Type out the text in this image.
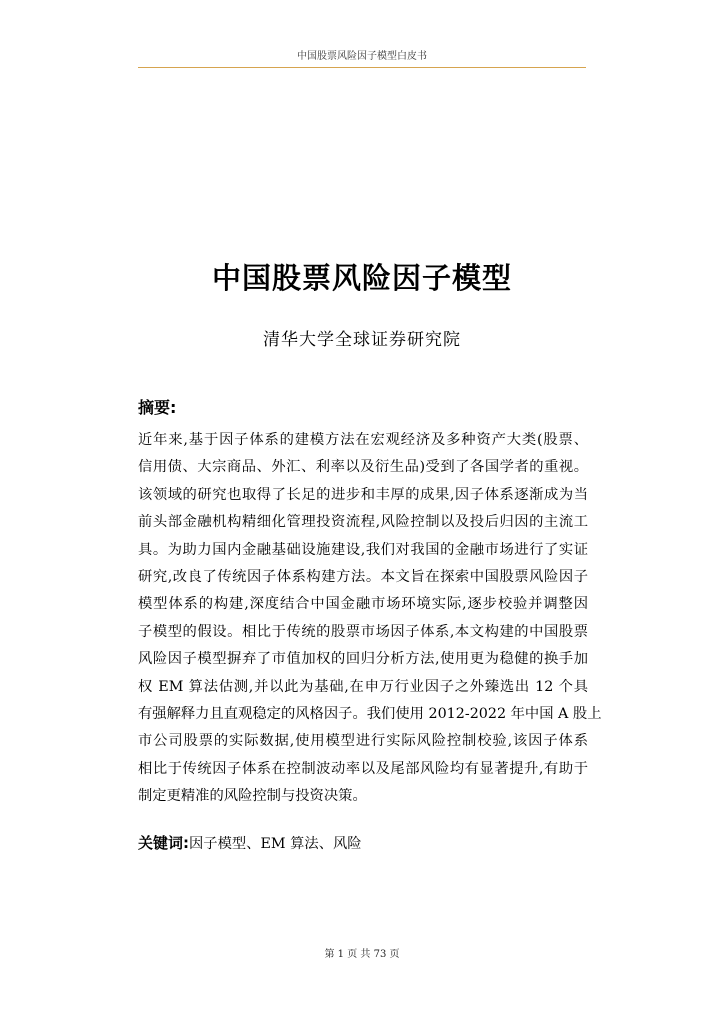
中国股票风险因子模型白皮书
中国股票风险因子模型
清华大学全球证券研究院
摘要:

近年来,基于因子体系的建模方法在宏观经济及多种资产大类(股票、
信用债、大宗商品、外汇、利率以及衍生品)受到了各国学者的重视。
该领域的研究也取得了长足的进步和丰厚的成果,因子体系逐渐成为当
前头部金融机构精细化管理投资流程,风险控制以及投后归因的主流工
具。为助力国内金融基础设施建设,我们对我国的金融市场进行了实证
研究,改良了传统因子体系构建方法。本文旨在探索中国股票风险因子
模型体系的构建,深度结合中国金融市场环境实际,逐步校验并调整因
子模型的假设。相比于传统的股票市场因子体系,本文构建的中国股票
风险因子模型摒弃了市值加权的回归分析方法,使用更为稳健的换手加
权 EM 算法估测,并以此为基础,在申万行业因子之外臻选出 12 个具
有强解释力且直观稳定的风格因子。我们使用 2012-2022 年中国 A 股上
市公司股票的实际数据,使用模型进行实际风险控制校验,该因子体系
相比于传统因子体系在控制波动率以及尾部风险均有显著提升,有助于
制定更精准的风险控制与投资决策。

关键词:因子模型、EM 算法、风险
第 1 页 共 73 页
